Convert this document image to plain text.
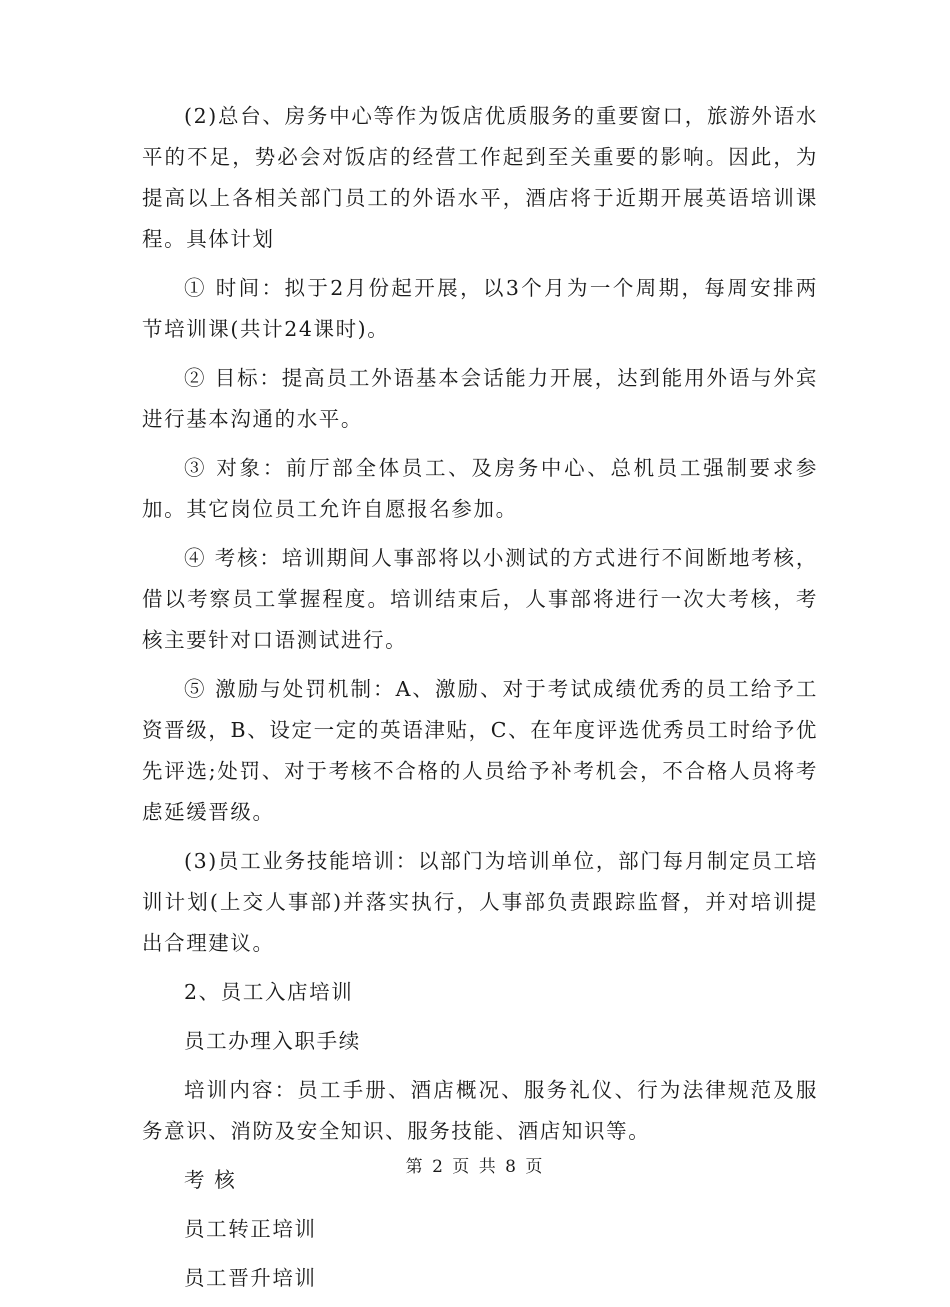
(2)总台、房务中心等作为饭店优质服务的重要窗口，旅游外语水平的不足，势必会对饭店的经营工作起到至关重要的影响。因此，为提高以上各相关部门员工的外语水平，酒店将于近期开展英语培训课程。具体计划

① 时间：拟于2月份起开展，以3个月为一个周期，每周安排两节培训课(共计24课时)。

② 目标：提高员工外语基本会话能力开展，达到能用外语与外宾进行基本沟通的水平。

③ 对象：前厅部全体员工、及房务中心、总机员工强制要求参加。其它岗位员工允许自愿报名参加。

④ 考核：培训期间人事部将以小测试的方式进行不间断地考核，借以考察员工掌握程度。培训结束后，人事部将进行一次大考核，考核主要针对口语测试进行。

⑤ 激励与处罚机制：A、激励、对于考试成绩优秀的员工给予工资晋级，B、设定一定的英语津贴，C、在年度评选优秀员工时给予优先评选;处罚、对于考核不合格的人员给予补考机会，不合格人员将考虑延缓晋级。

(3)员工业务技能培训：以部门为培训单位，部门每月制定员工培训计划(上交人事部)并落实执行，人事部负责跟踪监督，并对培训提出合理建议。

2、员工入店培训

员工办理入职手续

培训内容：员工手册、酒店概况、服务礼仪、行为法律规范及服务意识、消防及安全知识、服务技能、酒店知识等。

考 核

员工转正培训

员工晋升培训

第 2 页 共 8 页
